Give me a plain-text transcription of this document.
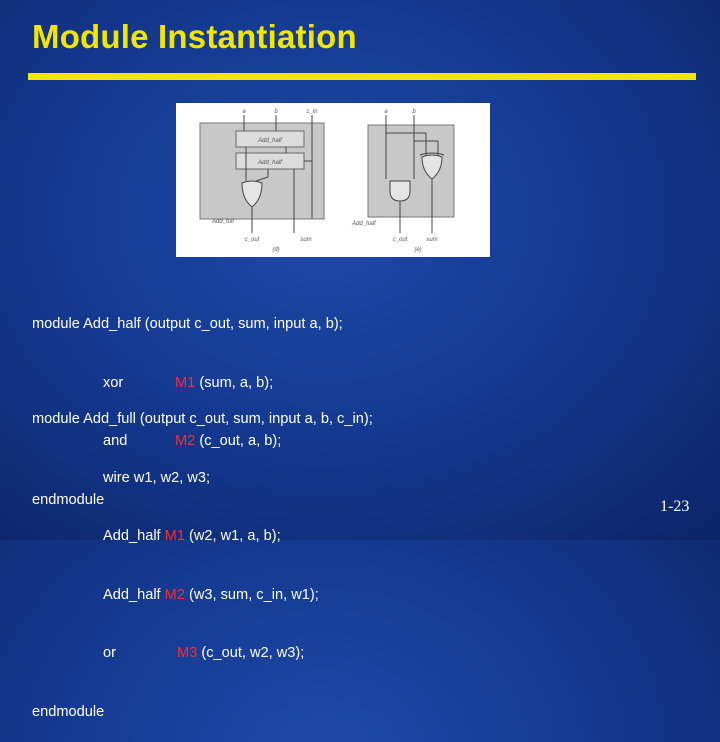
Module Instantiation
Add_half
Add_half
a	b	c_in
Add_full
c_out	sum
(d)
a	b
Add_half
c_out	sum
(e)

module Add_half (output c_out, sum, input a, b);

xor	M1 (sum, a, b);

and	M2 (c_out, a, b);

endmodule

module Add_full (output c_out, sum, input a, b, c_in);

wire w1, w2, w3;

Add_half M1 (w2, w1, a, b);

Add_half M2 (w3, sum, c_in, w1);

or	M3 (c_out, w2, w3);

endmodule

1-23
